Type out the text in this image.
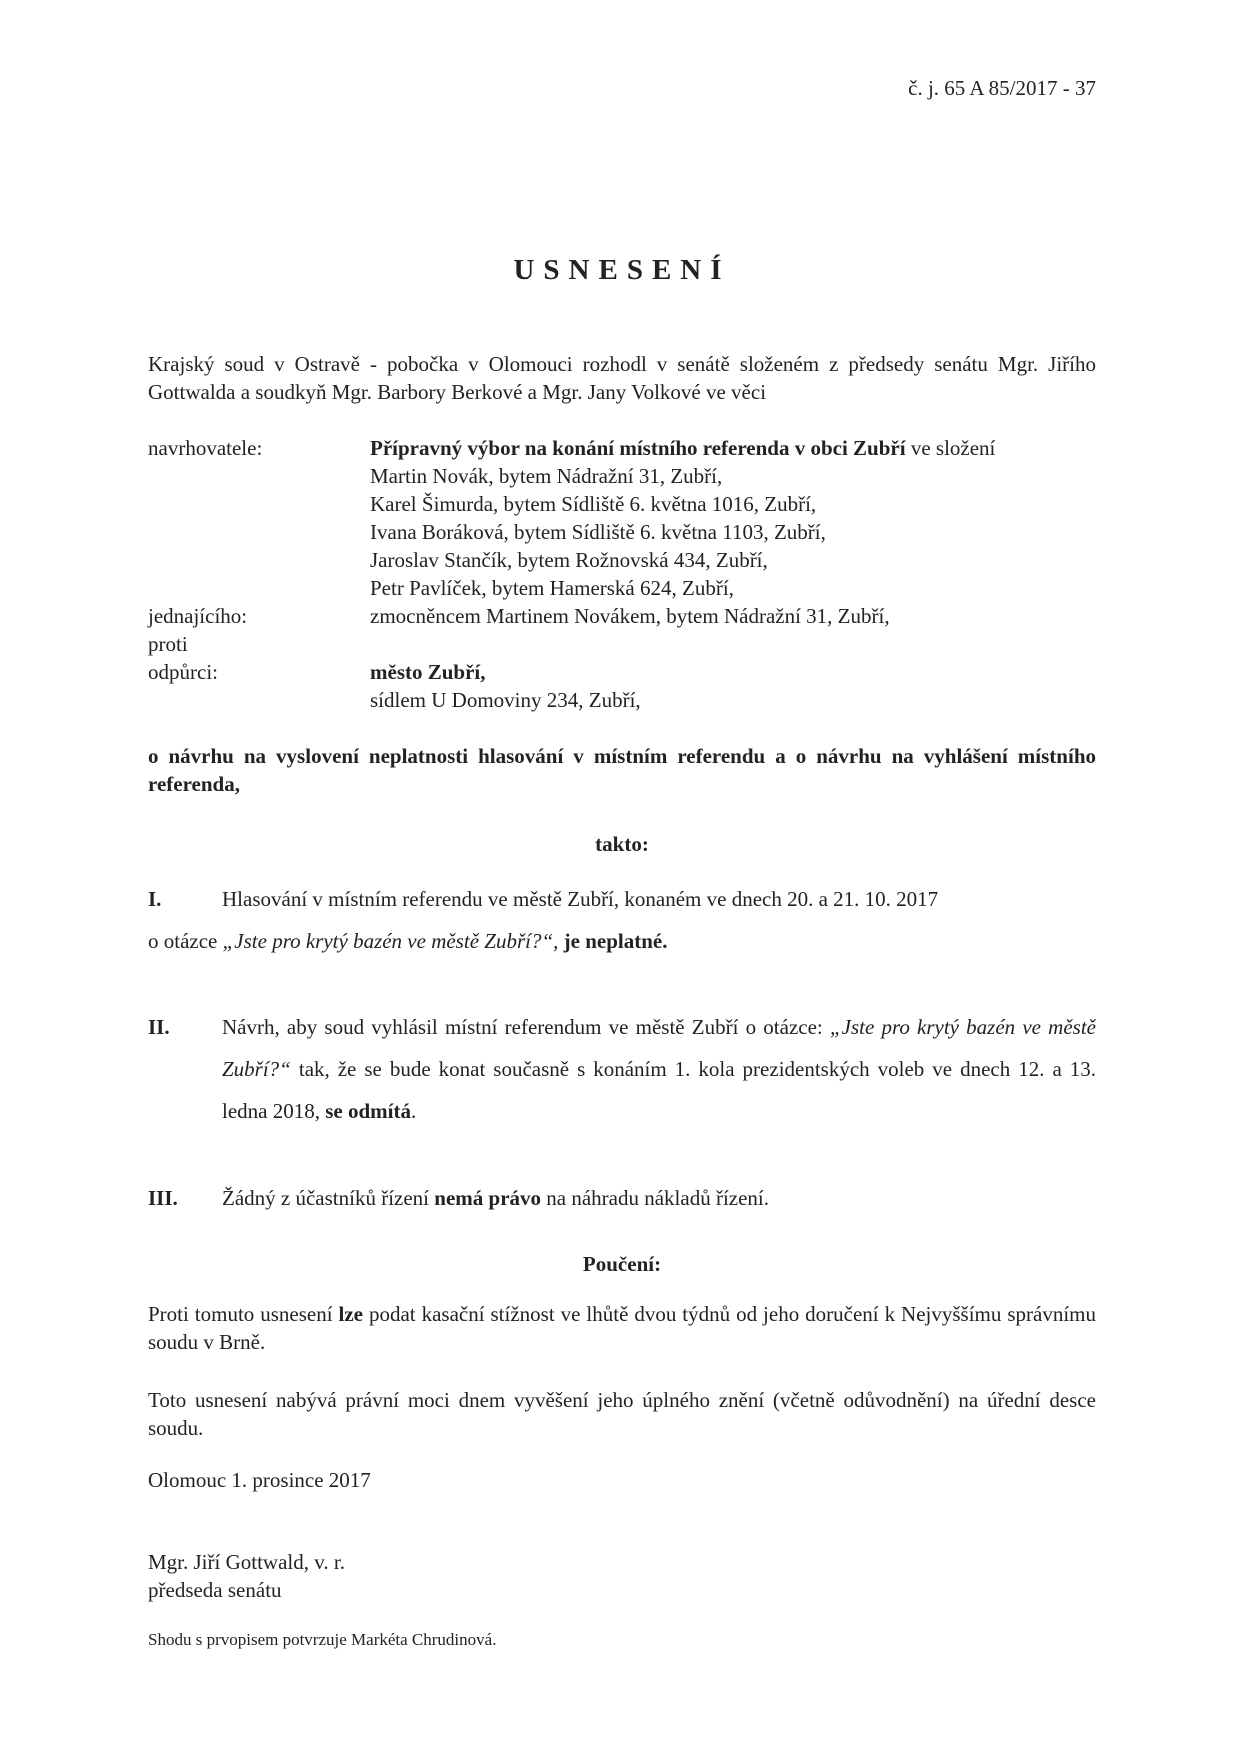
č. j. 65 A 85/2017 - 37
USNESENÍ
Krajský soud v Ostravě - pobočka v Olomouci rozhodl v senátě složeném z předsedy senátu Mgr. Jiřího Gottwalda a soudkyň Mgr. Barbory Berkové a Mgr. Jany Volkové ve věci
navrhovatele:	Přípravný výbor na konání místního referenda v obci Zubří ve složení
Martin Novák, bytem Nádražní 31, Zubří,
Karel Šimurda, bytem Sídliště 6. května 1016, Zubří,
Ivana Boráková, bytem Sídliště 6. května 1103, Zubří,
Jaroslav Stančík, bytem Rožnovská 434, Zubří,
Petr Pavlíček, bytem Hamerská 624, Zubří,
jednajícího:	zmocněncem Martinem Novákem, bytem Nádražní 31, Zubří,
proti
odpůrci:	město Zubří,
sídlem U Domoviny 234, Zubří,
o návrhu na vyslovení neplatnosti hlasování v místním referendu a o návrhu na vyhlášení místního referenda,
takto:
I.	Hlasování v místním referendu ve městě Zubří, konaném ve dnech 20. a 21. 10. 2017
o otázce „Jste pro krytý bazén ve městě Zubří?“, je neplatné.
II.	Návrh, aby soud vyhlásil místní referendum ve městě Zubří o otázce: „Jste pro krytý bazén ve městě Zubří?“ tak, že se bude konat současně s konáním 1. kola prezidentských voleb ve dnech 12. a 13. ledna 2018, se odmítá.
III.	Žádný z účastníků řízení nemá právo na náhradu nákladů řízení.
Poučení:
Proti tomuto usnesení lze podat kasační stížnost ve lhůtě dvou týdnů od jeho doručení k Nejvyššímu správnímu soudu v Brně.
Toto usnesení nabývá právní moci dnem vyvěšení jeho úplného znění (včetně odůvodnění) na úřední desce soudu.
Olomouc 1. prosince 2017
Mgr. Jiří Gottwald, v. r.
předseda senátu
Shodu s prvopisem potvrzuje Markéta Chrudinová.
